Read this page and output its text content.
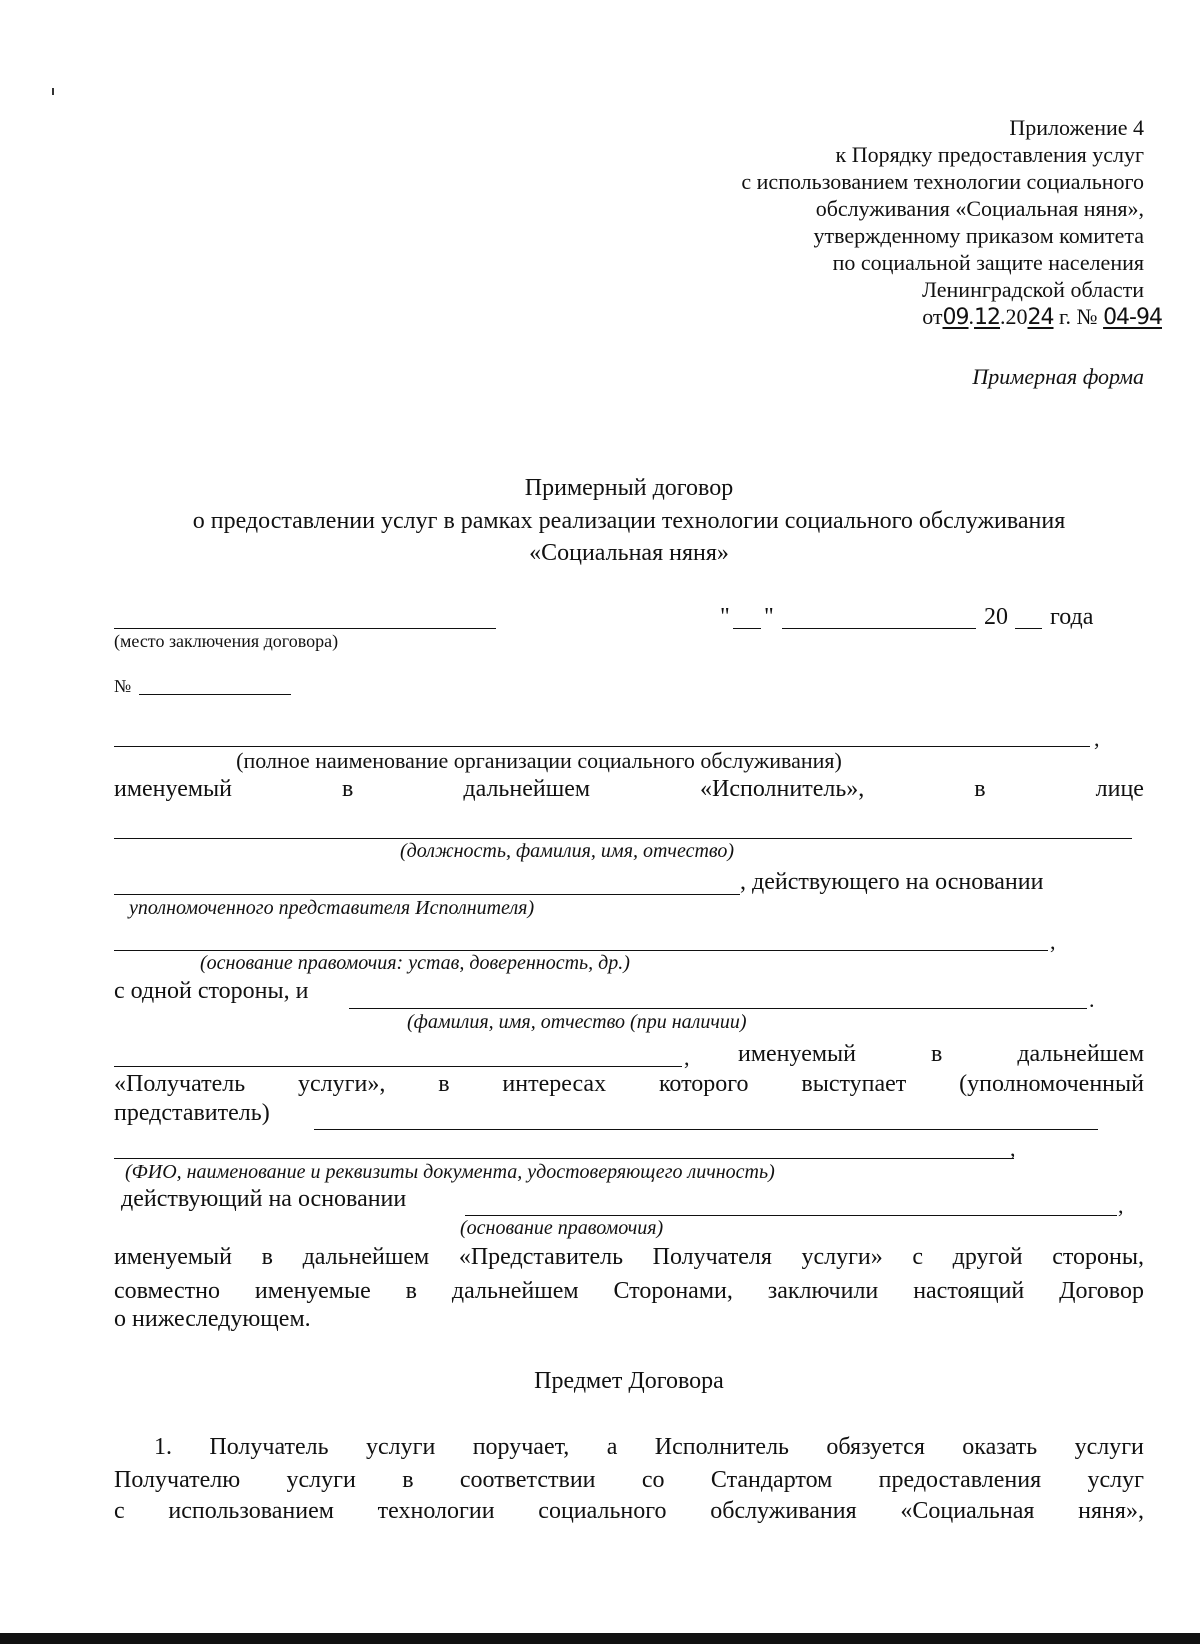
Приложение 4
к Порядку предоставления услуг
с использованием технологии социального
обслуживания «Социальная няня»,
утвержденному приказом комитета
по социальной защите населения
Ленинградской области
от09.12.2024 г. № 04-94
Примерная форма
Примерный договор
о предоставлении услуг в рамках реализации технологии социального обслуживания
«Социальная няня»
(место заключения договора)
" "	20 года
№
,
(полное наименование организации социального обслуживания)
именуемый	в	дальнейшем	«Исполнитель»,	в	лице
(должность, фамилия, имя, отчество)
, действующего на основании
уполномоченного представителя Исполнителя)
,
(основание правомочия: устав, доверенность, др.)
с одной стороны, и	.
(фамилия, имя, отчество (при наличии)
, именуемый	в	дальнейшем
«Получатель услуги», в интересах которого выступает (уполномоченный
представитель)
,
(ФИО, наименование и реквизиты документа, удостоверяющего личность)
действующий на основании	,
(основание правомочия)
именуемый в дальнейшем «Представитель Получателя услуги» с другой стороны,
совместно именуемые в дальнейшем Сторонами, заключили настоящий Договор
о нижеследующем.
Предмет Договора
1. Получатель услуги поручает, а Исполнитель обязуется оказать услуги
Получателю услуги в соответствии со Стандартом предоставления услуг
с использованием технологии социального обслуживания «Социальная няня»,
